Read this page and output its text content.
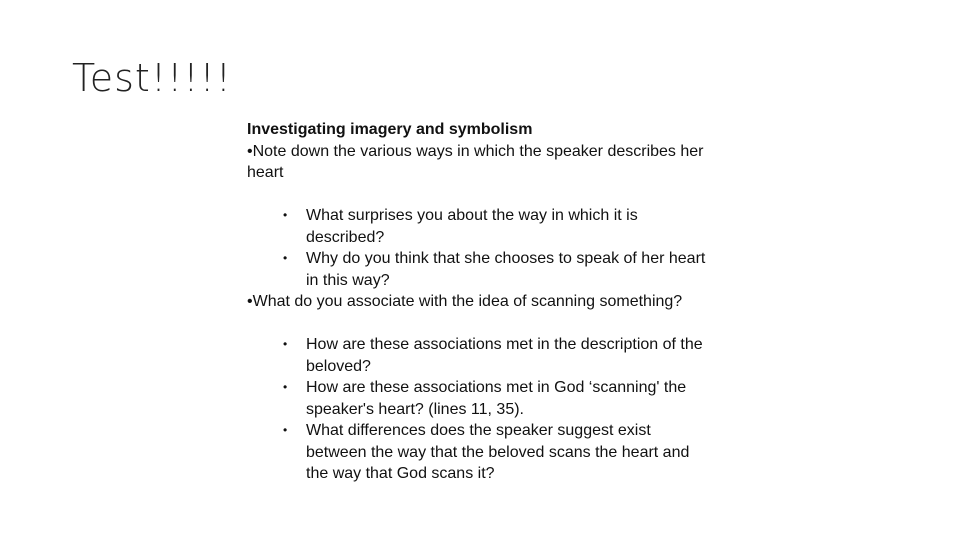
Test!!!!!

Investigating imagery and symbolism

•Note down the various ways in which the speaker describes her heart

• What surprises you about the way in which it is described?
• Why do you think that she chooses to speak of her heart in this way?

•What do you associate with the idea of scanning something?

• How are these associations met in the description of the beloved?
• How are these associations met in God ‘scanning' the speaker's heart? (lines 11, 35).
• What differences does the speaker suggest exist between the way that the beloved scans the heart and the way that God scans it?
